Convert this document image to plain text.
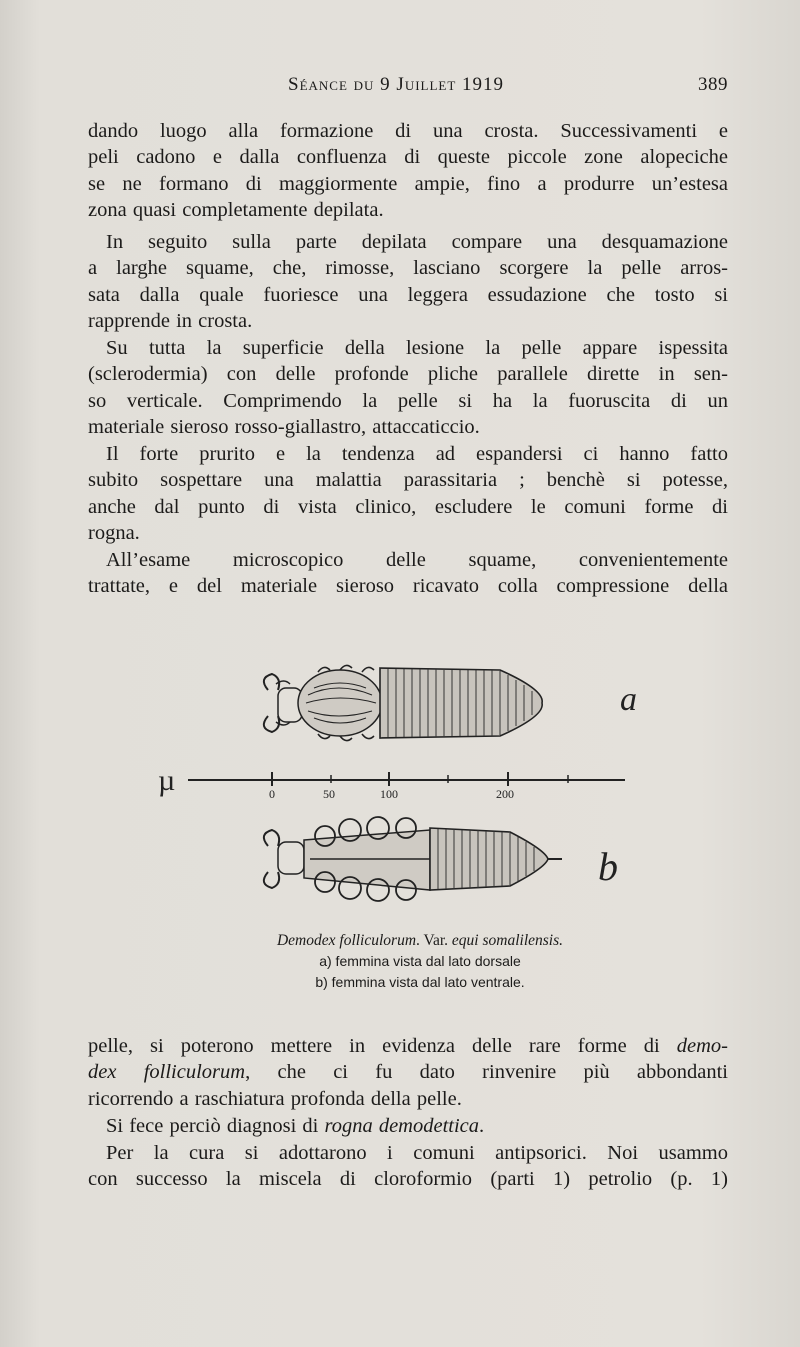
Séance du 9 Juillet 1919	389
dando luogo alla formazione di una crosta. Successivamenti e
peli cadono e dalla confluenza di queste piccole zone alopeciche
se ne formano di maggiormente ampie, fino a produrre un’estesa
zona quasi completamente depilata.
In seguito sulla parte depilata compare una desquamazione
a larghe squame, che, rimosse, lasciano scorgere la pelle arros-
sata dalla quale fuoriesce una leggera essudazione che tosto si
rapprende in crosta.
Su tutta la superficie della lesione la pelle appare ispessita
(sclerodermia) con delle profonde pliche parallele dirette in sen-
so verticale. Comprimendo la pelle si ha la fuoruscita di un
materiale sieroso rosso-giallastro, attaccaticcio.
Il forte prurito e la tendenza ad espandersi ci hanno fatto
subito sospettare una malattia parassitaria ; benchè si potesse,
anche dal punto di vista clinico, escludere le comuni forme di
rogna.
All’esame microscopico delle squame, convenientemente
trattate, e del materiale sieroso ricavato colla compressione della
a
µ	0	50	100	200
b
Demodex folliculorum. Var. equi somalilensis.
a) femmina vista dal lato dorsale
b) femmina vista dal lato ventrale.
pelle, si poterono mettere in evidenza delle rare forme di demo-
dex folliculorum, che ci fu dato rinvenire più abbondanti
ricorrendo a raschiatura profonda della pelle.
Si fece perciò diagnosi di rogna demodettica.
Per la cura si adottarono i comuni antipsorici. Noi usammo
con successo la miscela di cloroformio (parti 1) petrolio (p. 1)
